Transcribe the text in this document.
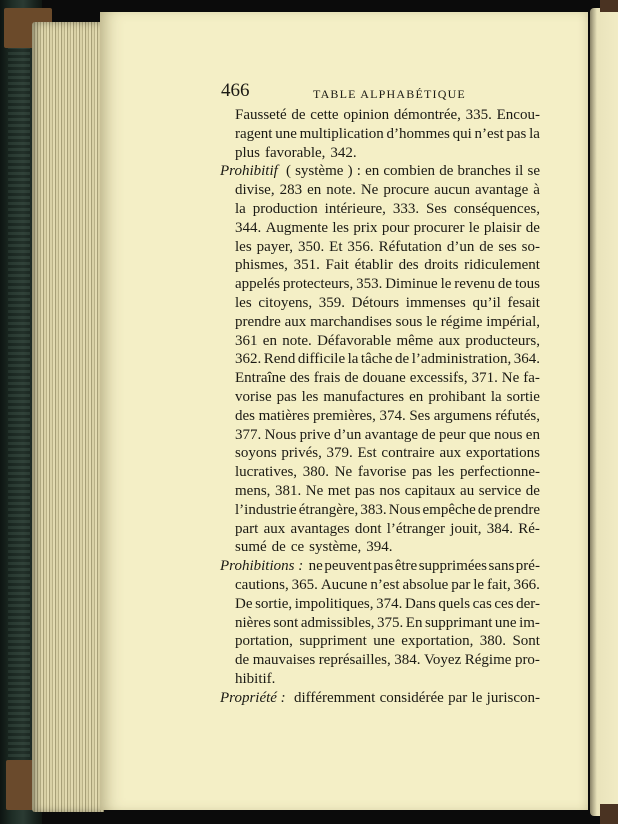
466	TABLE ALPHABÉTIQUE
Fausseté de cette opinion démontrée, 335. Encou-
ragent une multiplication d’hommes qui n’est pas la
plus favorable, 342.
Prohibitif ( système ) : en combien de branches il se
divise, 283 en note. Ne procure aucun avantage à
la production intérieure, 333. Ses conséquences,
344. Augmente les prix pour procurer le plaisir de
les payer, 350. Et 356. Réfutation d’un de ses so-
phismes, 351. Fait établir des droits ridiculement
appelés protecteurs, 353. Diminue le revenu de tous
les citoyens, 359. Détours immenses qu’il fesait
prendre aux marchandises sous le régime impérial,
361 en note. Défavorable même aux producteurs,
362. Rend difficile la tâche de l’administration, 364.
Entraîne des frais de douane excessifs, 371. Ne fa-
vorise pas les manufactures en prohibant la sortie
des matières premières, 374. Ses argumens réfutés,
377. Nous prive d’un avantage de peur que nous en
soyons privés, 379. Est contraire aux exportations
lucratives, 380. Ne favorise pas les perfectionne-
mens, 381. Ne met pas nos capitaux au service de
l’industrie étrangère, 383. Nous empêche de prendre
part aux avantages dont l’étranger jouit, 384. Ré-
sumé de ce système, 394.
Prohibitions : ne peuvent pas être supprimées sans pré-
cautions, 365. Aucune n’est absolue par le fait, 366.
De sortie, impolitiques, 374. Dans quels cas ces der-
nières sont admissibles, 375. En supprimant une im-
portation, suppriment une exportation, 380. Sont
de mauvaises représailles, 384. Voyez Régime pro-
hibitif.
Propriété : différemment considérée par le juriscon-
